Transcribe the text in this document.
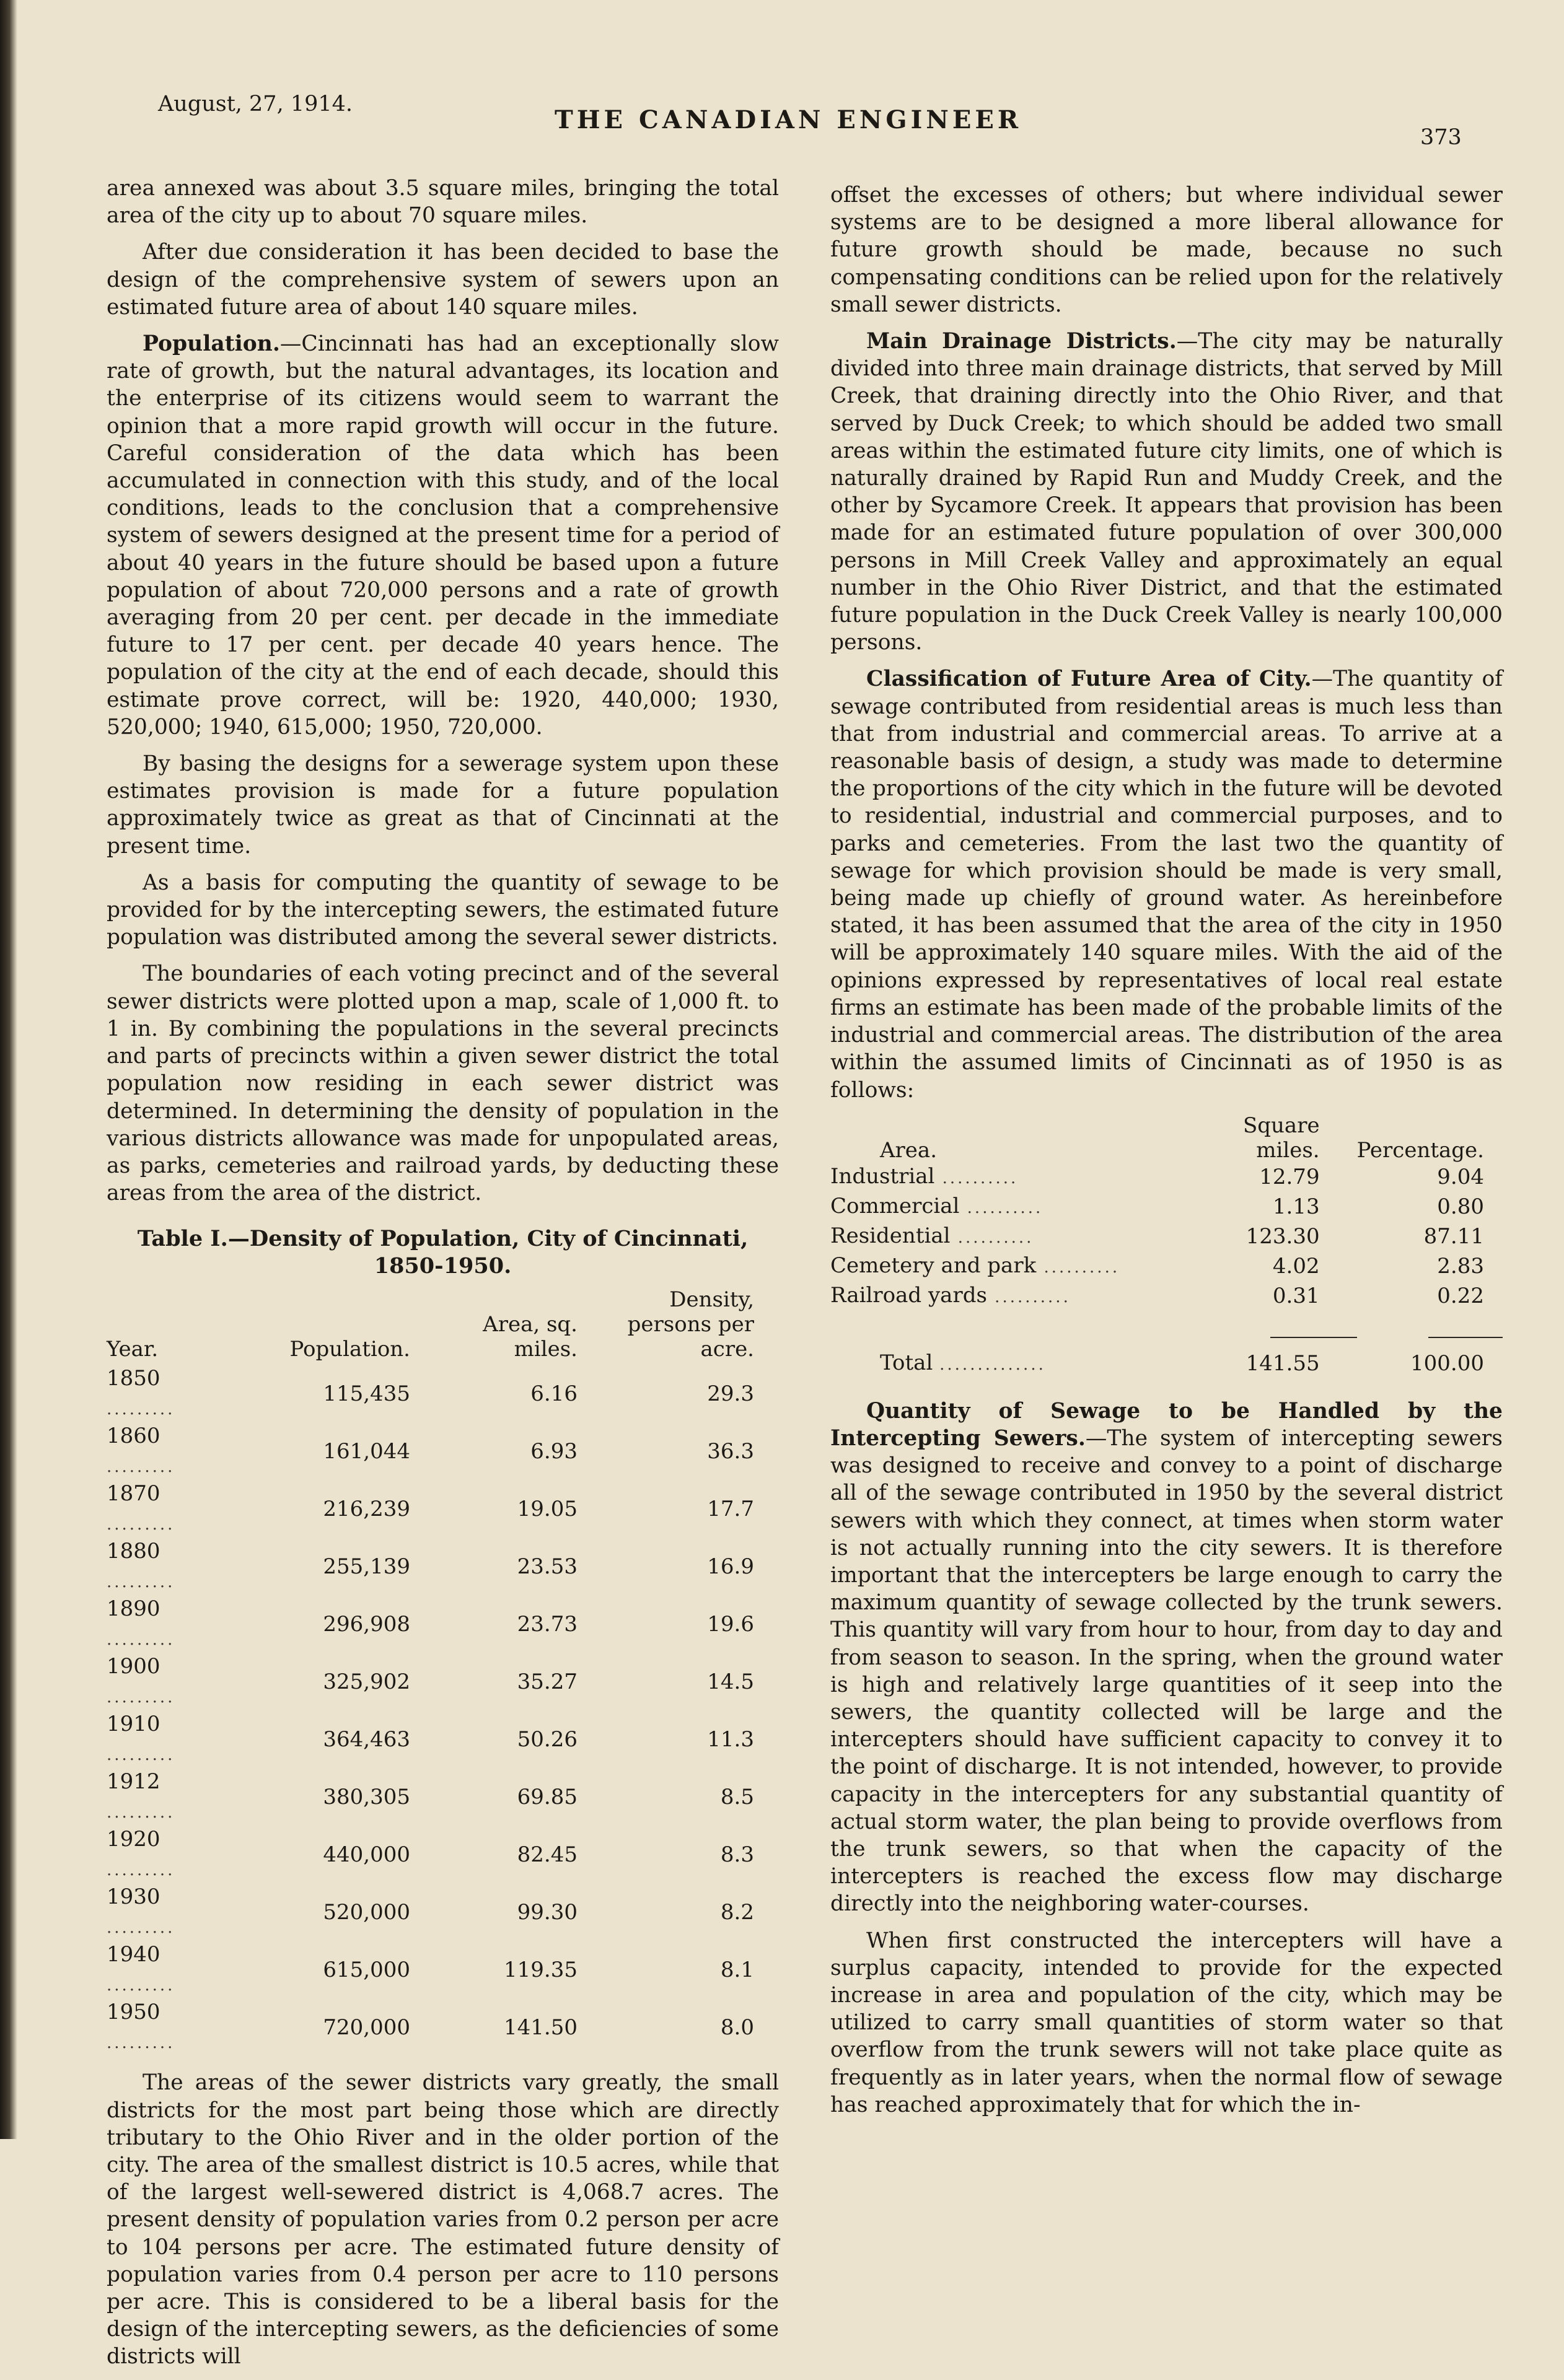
August, 27, 1914.
THE CANADIAN ENGINEER
373

area annexed was about 3.5 square miles, bringing the total area of the city up to about 70 square miles.

After due consideration it has been decided to base the design of the comprehensive system of sewers upon an estimated future area of about 140 square miles.

Population.—Cincinnati has had an exceptionally slow rate of growth, but the natural advantages, its location and the enterprise of its citizens would seem to warrant the opinion that a more rapid growth will occur in the future. Careful consideration of the data which has been accumulated in connection with this study, and of the local conditions, leads to the conclusion that a comprehensive system of sewers designed at the present time for a period of about 40 years in the future should be based upon a future population of about 720,000 persons and a rate of growth averaging from 20 per cent. per decade in the immediate future to 17 per cent. per decade 40 years hence. The population of the city at the end of each decade, should this estimate prove correct, will be: 1920, 440,000; 1930, 520,000; 1940, 615,000; 1950, 720,000.

By basing the designs for a sewerage system upon these estimates provision is made for a future population approximately twice as great as that of Cincinnati at the present time.

As a basis for computing the quantity of sewage to be provided for by the intercepting sewers, the estimated future population was distributed among the several sewer districts.

The boundaries of each voting precinct and of the several sewer districts were plotted upon a map, scale of 1,000 ft. to 1 in. By combining the populations in the several precincts and parts of precincts within a given sewer district the total population now residing in each sewer district was determined. In determining the density of population in the various districts allowance was made for unpopulated areas, as parks, cemeteries and railroad yards, by deducting these areas from the area of the district.

Table I.—Density of Population, City of Cincinnati,
1850-1950.
Year.	Population.	Area, sq. miles.	Density, persons per acre.
1850 .........	115,435	6.16	29.3
1860 .........	161,044	6.93	36.3
1870 .........	216,239	19.05	17.7
1880 .........	255,139	23.53	16.9
1890 .........	296,908	23.73	19.6
1900 .........	325,902	35.27	14.5
1910 .........	364,463	50.26	11.3
1912 .........	380,305	69.85	8.5
1920 .........	440,000	82.45	8.3
1930 .........	520,000	99.30	8.2
1940 .........	615,000	119.35	8.1
1950 .........	720,000	141.50	8.0

The areas of the sewer districts vary greatly, the small districts for the most part being those which are directly tributary to the Ohio River and in the older portion of the city. The area of the smallest district is 10.5 acres, while that of the largest well-sewered district is 4,068.7 acres. The present density of population varies from 0.2 person per acre to 104 persons per acre. The estimated future density of population varies from 0.4 person per acre to 110 persons per acre. This is considered to be a liberal basis for the design of the intercepting sewers, as the deficiencies of some districts will

offset the excesses of others; but where individual sewer systems are to be designed a more liberal allowance for future growth should be made, because no such compensating conditions can be relied upon for the relatively small sewer districts.

Main Drainage Districts.—The city may be naturally divided into three main drainage districts, that served by Mill Creek, that draining directly into the Ohio River, and that served by Duck Creek; to which should be added two small areas within the estimated future city limits, one of which is naturally drained by Rapid Run and Muddy Creek, and the other by Sycamore Creek. It appears that provision has been made for an estimated future population of over 300,000 persons in Mill Creek Valley and approximately an equal number in the Ohio River District, and that the estimated future population in the Duck Creek Valley is nearly 100,000 persons.

Classification of Future Area of City.—The quantity of sewage contributed from residential areas is much less than that from industrial and commercial areas. To arrive at a reasonable basis of design, a study was made to determine the proportions of the city which in the future will be devoted to residential, industrial and commercial purposes, and to parks and cemeteries. From the last two the quantity of sewage for which provision should be made is very small, being made up chiefly of ground water. As hereinbefore stated, it has been assumed that the area of the city in 1950 will be approximately 140 square miles. With the aid of the opinions expressed by representatives of local real estate firms an estimate has been made of the probable limits of the industrial and commercial areas. The distribution of the area within the assumed limits of Cincinnati as of 1950 is as follows:

Area.	Square miles.	Percentage.
Industrial ..........	12.79	9.04
Commercial ..........	1.13	0.80
Residential ..........	123.30	87.11
Cemetery and park ..........	4.02	2.83
Railroad yards ..........	0.31	0.22

Total ..............	141.55	100.00

Quantity of Sewage to be Handled by the Intercepting Sewers.—The system of intercepting sewers was designed to receive and convey to a point of discharge all of the sewage contributed in 1950 by the several district sewers with which they connect, at times when storm water is not actually running into the city sewers. It is therefore important that the intercepters be large enough to carry the maximum quantity of sewage collected by the trunk sewers. This quantity will vary from hour to hour, from day to day and from season to season. In the spring, when the ground water is high and relatively large quantities of it seep into the sewers, the quantity collected will be large and the intercepters should have sufficient capacity to convey it to the point of discharge. It is not intended, however, to provide capacity in the intercepters for any substantial quantity of actual storm water, the plan being to provide overflows from the trunk sewers, so that when the capacity of the intercepters is reached the excess flow may discharge directly into the neighboring water-courses.

When first constructed the intercepters will have a surplus capacity, intended to provide for the expected increase in area and population of the city, which may be utilized to carry small quantities of storm water so that overflow from the trunk sewers will not take place quite as frequently as in later years, when the normal flow of sewage has reached approximately that for which the in-
